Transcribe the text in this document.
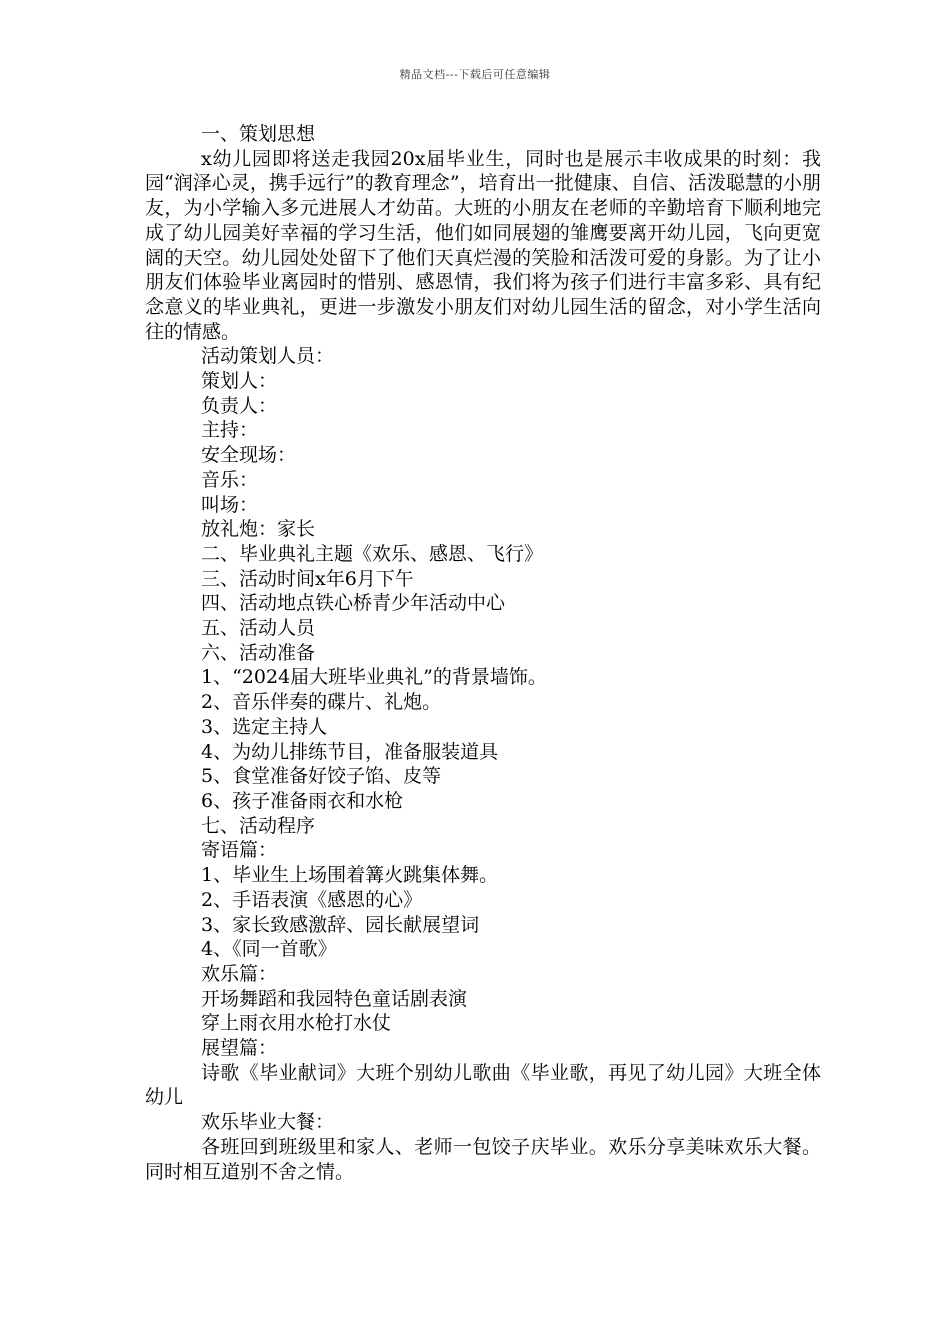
精品文档---下载后可任意编辑

一、策划思想

x幼儿园即将送走我园20x届毕业生，同时也是展示丰收成果的时刻：我园“润泽心灵，携手远行”的教育理念”，培育出一批健康、自信、活泼聪慧的小朋友，为小学输入多元进展人才幼苗。大班的小朋友在老师的辛勤培育下顺利地完成了幼儿园美好幸福的学习生活，他们如同展翅的雏鹰要离开幼儿园，飞向更宽阔的天空。幼儿园处处留下了他们天真烂漫的笑脸和活泼可爱的身影。为了让小朋友们体验毕业离园时的惜别、感恩情，我们将为孩子们进行丰富多彩、具有纪念意义的毕业典礼，更进一步激发小朋友们对幼儿园生活的留念，对小学生活向往的情感。

活动策划人员：

策划人：

负责人：

主持：

安全现场：

音乐：

叫场：

放礼炮：家长

二、毕业典礼主题《欢乐、感恩、飞行》

三、活动时间x年6月下午

四、活动地点铁心桥青少年活动中心

五、活动人员

六、活动准备

1、“2024届大班毕业典礼”的背景墙饰。

2、音乐伴奏的碟片、礼炮。

3、选定主持人

4、为幼儿排练节目，准备服装道具

5、食堂准备好饺子馅、皮等

6、孩子准备雨衣和水枪

七、活动程序

寄语篇：

1、毕业生上场围着篝火跳集体舞。

2、手语表演《感恩的心》

3、家长致感激辞、园长献展望词

4、《同一首歌》

欢乐篇：

开场舞蹈和我园特色童话剧表演

穿上雨衣用水枪打水仗

展望篇：

诗歌《毕业献词》大班个别幼儿歌曲《毕业歌，再见了幼儿园》大班全体幼儿

欢乐毕业大餐：

各班回到班级里和家人、老师一包饺子庆毕业。欢乐分享美味欢乐大餐。同时相互道别不舍之情。
